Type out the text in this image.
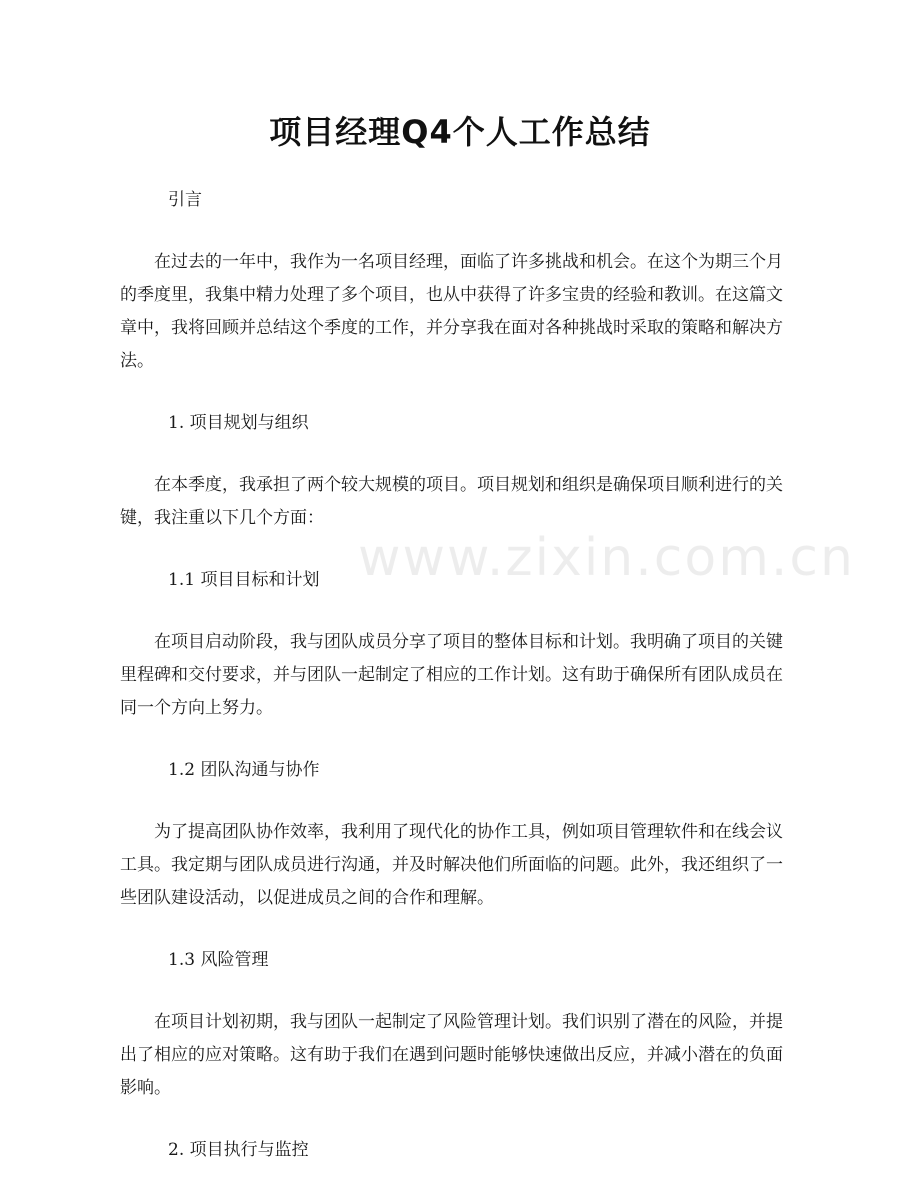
项目经理Q4个人工作总结

引言

在过去的一年中，我作为一名项目经理，面临了许多挑战和机会。在这个为期三个月的季度里，我集中精力处理了多个项目，也从中获得了许多宝贵的经验和教训。在这篇文章中，我将回顾并总结这个季度的工作，并分享我在面对各种挑战时采取的策略和解决方法。

1. 项目规划与组织

在本季度，我承担了两个较大规模的项目。项目规划和组织是确保项目顺利进行的关键，我注重以下几个方面：

1.1 项目目标和计划

在项目启动阶段，我与团队成员分享了项目的整体目标和计划。我明确了项目的关键里程碑和交付要求，并与团队一起制定了相应的工作计划。这有助于确保所有团队成员在同一个方向上努力。

1.2 团队沟通与协作

为了提高团队协作效率，我利用了现代化的协作工具，例如项目管理软件和在线会议工具。我定期与团队成员进行沟通，并及时解决他们所面临的问题。此外，我还组织了一些团队建设活动，以促进成员之间的合作和理解。

1.3 风险管理

在项目计划初期，我与团队一起制定了风险管理计划。我们识别了潜在的风险，并提出了相应的应对策略。这有助于我们在遇到问题时能够快速做出反应，并减小潜在的负面影响。

2. 项目执行与监控

www.zixin.com.cn
